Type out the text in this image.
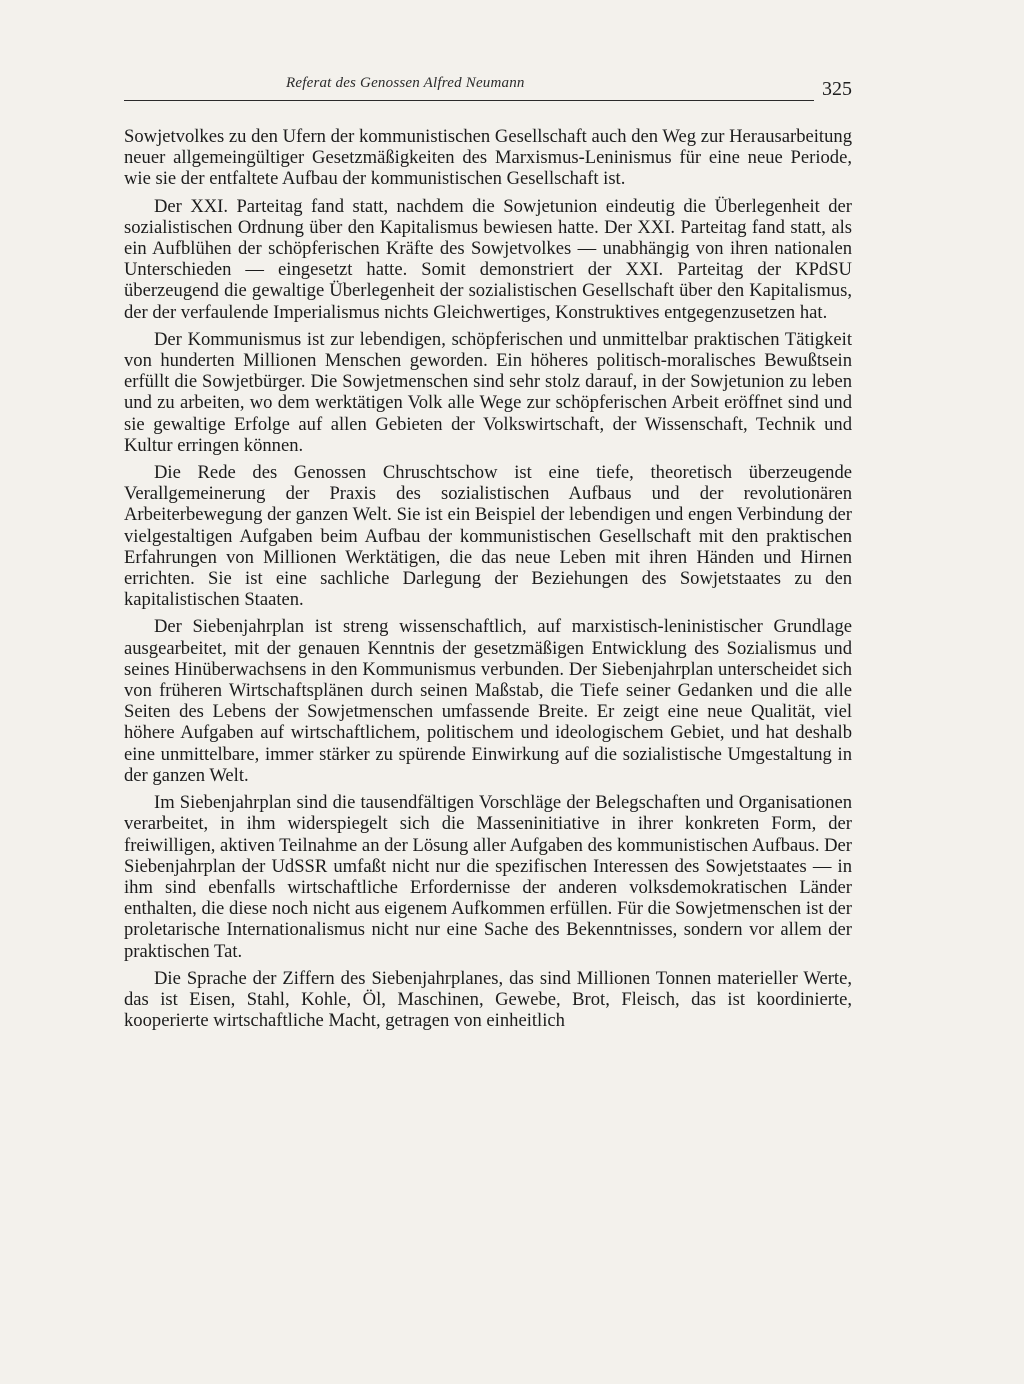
Referat des Genossen Alfred Neumann	325

Sowjetvolkes zu den Ufern der kommunistischen Gesellschaft auch den Weg zur Herausarbeitung neuer allgemeingültiger Gesetzmäßigkeiten des Marxismus-Leninismus für eine neue Periode, wie sie der entfaltete Aufbau der kommunistischen Gesellschaft ist.

Der XXI. Parteitag fand statt, nachdem die Sowjetunion eindeutig die Überlegenheit der sozialistischen Ordnung über den Kapitalismus bewiesen hatte. Der XXI. Parteitag fand statt, als ein Aufblühen der schöpferischen Kräfte des Sowjetvolkes — unabhängig von ihren nationalen Unterschieden — eingesetzt hatte. Somit demonstriert der XXI. Parteitag der KPdSU überzeugend die gewaltige Überlegenheit der sozialistischen Gesellschaft über den Kapitalismus, der der verfaulende Imperialismus nichts Gleichwertiges, Konstruktives entgegenzusetzen hat.

Der Kommunismus ist zur lebendigen, schöpferischen und unmittelbar praktischen Tätigkeit von hunderten Millionen Menschen geworden. Ein höheres politisch-moralisches Bewußtsein erfüllt die Sowjetbürger. Die Sowjetmenschen sind sehr stolz darauf, in der Sowjetunion zu leben und zu arbeiten, wo dem werktätigen Volk alle Wege zur schöpferischen Arbeit eröffnet sind und sie gewaltige Erfolge auf allen Gebieten der Volkswirtschaft, der Wissenschaft, Technik und Kultur erringen können.

Die Rede des Genossen Chruschtschow ist eine tiefe, theoretisch überzeugende Verallgemeinerung der Praxis des sozialistischen Aufbaus und der revolutionären Arbeiterbewegung der ganzen Welt. Sie ist ein Beispiel der lebendigen und engen Verbindung der vielgestaltigen Aufgaben beim Aufbau der kommunistischen Gesellschaft mit den praktischen Erfahrungen von Millionen Werktätigen, die das neue Leben mit ihren Händen und Hirnen errichten. Sie ist eine sachliche Darlegung der Beziehungen des Sowjetstaates zu den kapitalistischen Staaten.

Der Siebenjahrplan ist streng wissenschaftlich, auf marxistisch-leninistischer Grundlage ausgearbeitet, mit der genauen Kenntnis der gesetzmäßigen Entwicklung des Sozialismus und seines Hinüberwachsens in den Kommunismus verbunden. Der Siebenjahrplan unterscheidet sich von früheren Wirtschaftsplänen durch seinen Maßstab, die Tiefe seiner Gedanken und die alle Seiten des Lebens der Sowjetmenschen umfassende Breite. Er zeigt eine neue Qualität, viel höhere Aufgaben auf wirtschaftlichem, politischem und ideologischem Gebiet, und hat deshalb eine unmittelbare, immer stärker zu spürende Einwirkung auf die sozialistische Umgestaltung in der ganzen Welt.

Im Siebenjahrplan sind die tausendfältigen Vorschläge der Belegschaften und Organisationen verarbeitet, in ihm widerspiegelt sich die Masseninitiative in ihrer konkreten Form, der freiwilligen, aktiven Teilnahme an der Lösung aller Aufgaben des kommunistischen Aufbaus. Der Siebenjahrplan der UdSSR umfaßt nicht nur die spezifischen Interessen des Sowjetstaates — in ihm sind ebenfalls wirtschaftliche Erfordernisse der anderen volksdemokratischen Länder enthalten, die diese noch nicht aus eigenem Aufkommen erfüllen. Für die Sowjetmenschen ist der proletarische Internationalismus nicht nur eine Sache des Bekenntnisses, sondern vor allem der praktischen Tat.

Die Sprache der Ziffern des Siebenjahrplanes, das sind Millionen Tonnen materieller Werte, das ist Eisen, Stahl, Kohle, Öl, Maschinen, Gewebe, Brot, Fleisch, das ist koordinierte, kooperierte wirtschaftliche Macht, getragen von einheitlich
